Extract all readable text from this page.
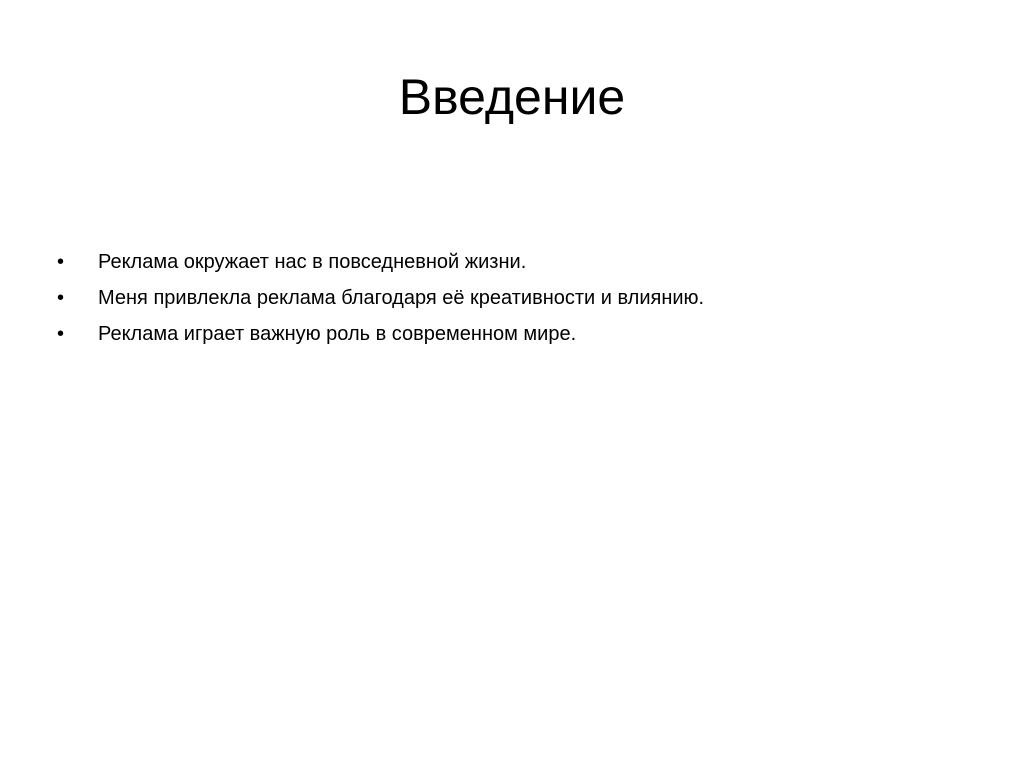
Введение
•	Реклама окружает нас в повседневной жизни.
•	Меня привлекла реклама благодаря её креативности и влиянию.
•	Реклама играет важную роль в современном мире.
